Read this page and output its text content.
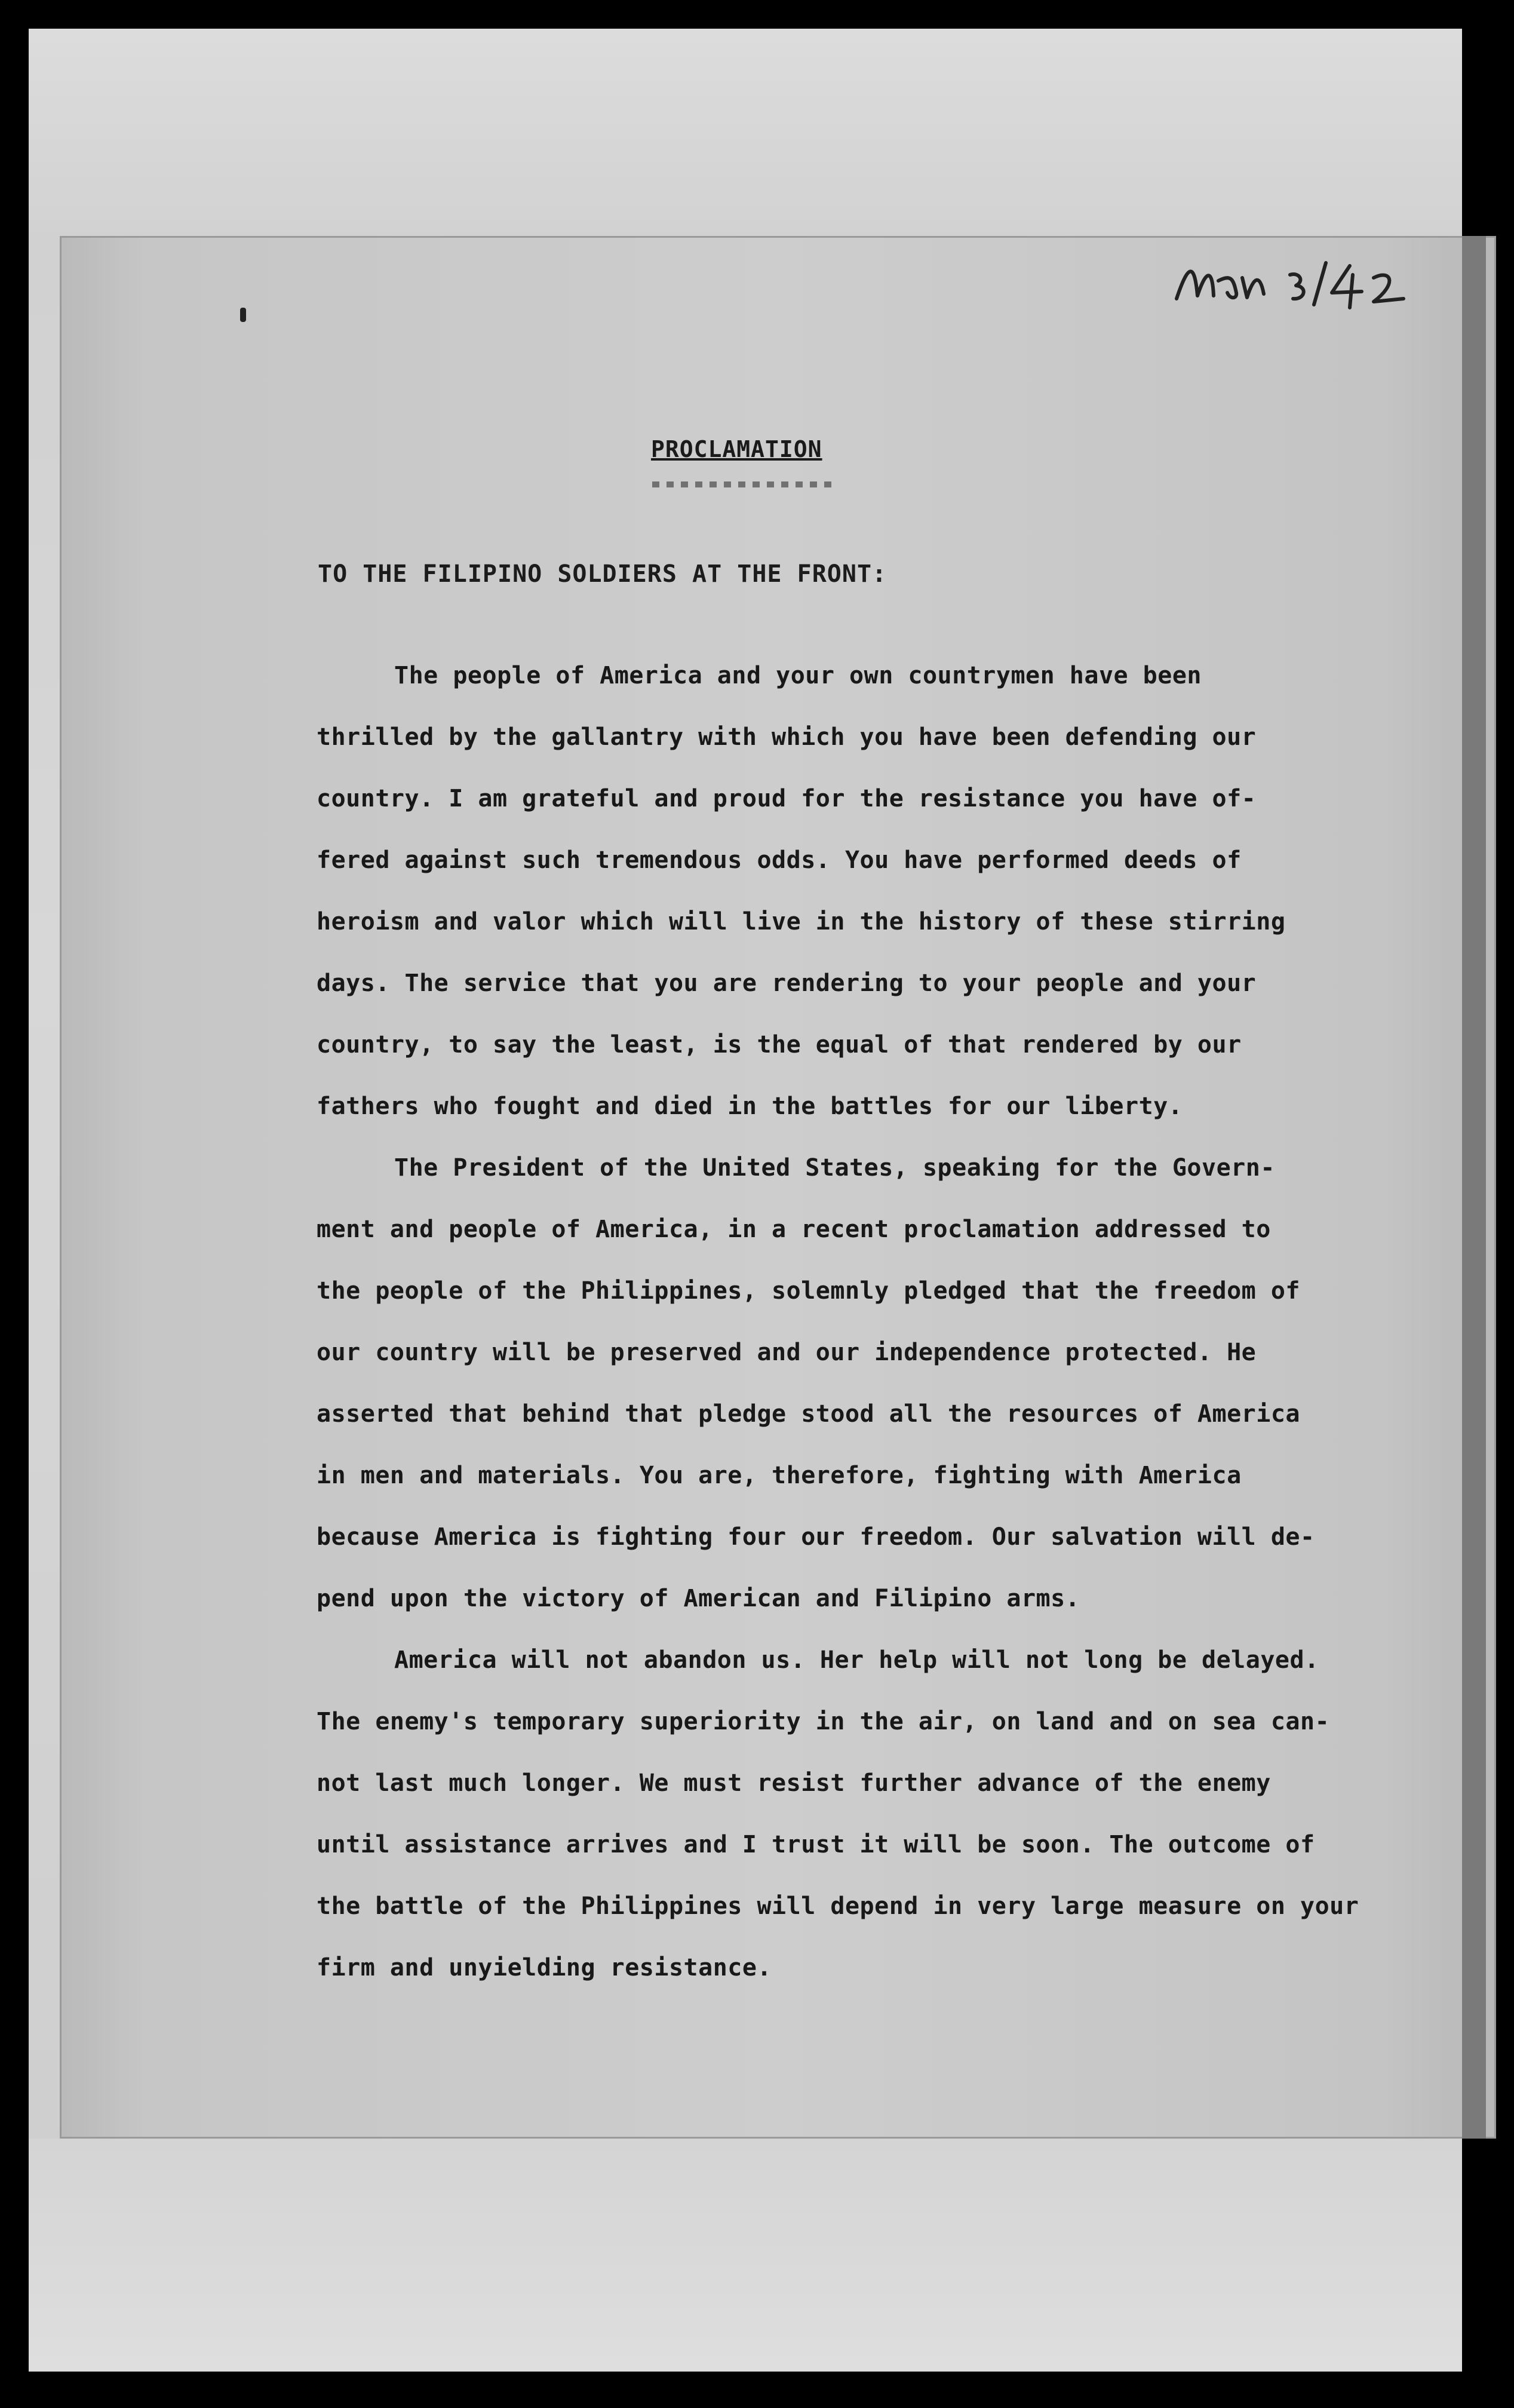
Jan 3/42
PROCLAMATION
TO THE FILIPINO SOLDIERS AT THE FRONT:
The people of America and your own countrymen have been
thrilled by the gallantry with which you have been defending our
country. I am grateful and proud for the resistance you have of-
fered against such tremendous odds. You have performed deeds of
heroism and valor which will live in the history of these stirring
days. The service that you are rendering to your people and your
country, to say the least, is the equal of that rendered by our
fathers who fought and died in the battles for our liberty.
The President of the United States, speaking for the Govern-
ment and people of America, in a recent proclamation addressed to
the people of the Philippines, solemnly pledged that the freedom of
our country will be preserved and our independence protected. He
asserted that behind that pledge stood all the resources of America
in men and materials. You are, therefore, fighting with America
because America is fighting four our freedom. Our salvation will de-
pend upon the victory of American and Filipino arms.
America will not abandon us. Her help will not long be delayed.
The enemy's temporary superiority in the air, on land and on sea can-
not last much longer. We must resist further advance of the enemy
until assistance arrives and I trust it will be soon. The outcome of
the battle of the Philippines will depend in very large measure on your
firm and unyielding resistance.
